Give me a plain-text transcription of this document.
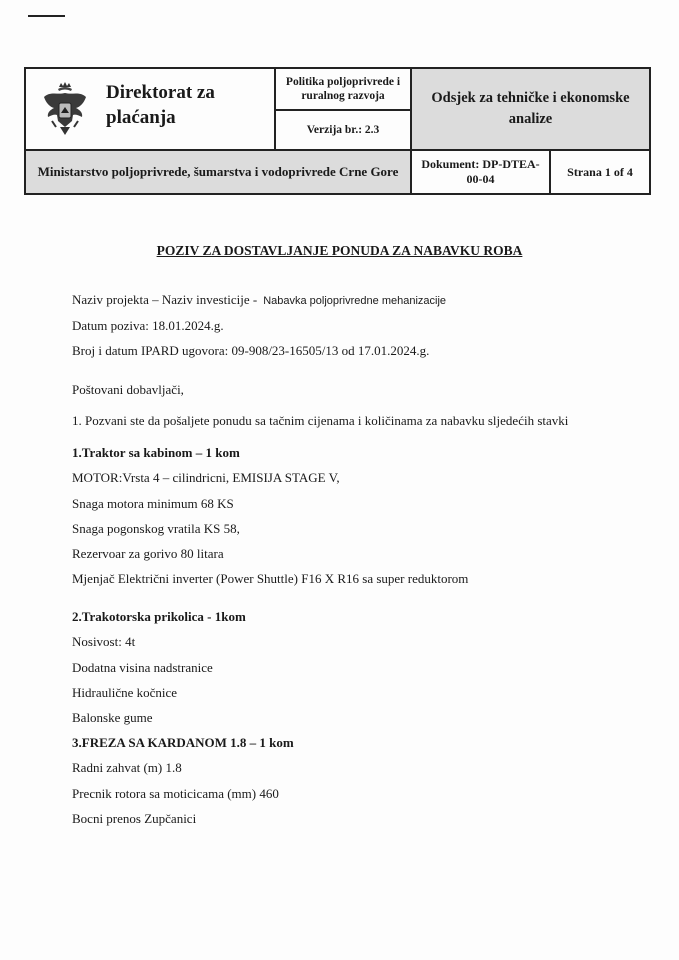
Direktorat za
plaćanja
Politika poljoprivrede i ruralnog razvoja
Verzija br.: 2.3
Odsjek za tehničke i ekonomske analize
Ministarstvo poljoprivrede, šumarstva i vodoprivrede Crne Gore	Dokument: DP-DTEA-00-04
Strana 1 of 4
POZIV ZA DOSTAVLJANJE PONUDA ZA NABAVKU ROBA
Naziv projekta – Naziv investicije - Nabavka poljoprivredne mehanizacije
Datum poziva: 18.01.2024.g.
Broj i datum IPARD ugovora: 09-908/23-16505/13 od 17.01.2024.g.
Poštovani dobavljači,
1. Pozvani ste da pošaljete ponudu sa tačnim cijenama i količinama za nabavku sljedećih stavki
1.Traktor sa kabinom – 1 kom
MOTOR:Vrsta 4 – cilindricni, EMISIJA STAGE V,
Snaga motora minimum 68 KS
Snaga pogonskog vratila KS 58,
Rezervoar za gorivo 80 litara
Mjenjač Električni inverter (Power Shuttle) F16 X R16 sa super reduktorom
2.Trakotorska prikolica - 1kom
Nosivost: 4t
Dodatna visina nadstranice
Hidraulične kočnice
Balonske gume
3.FREZA SA KARDANOM 1.8 – 1 kom
Radni zahvat (m) 1.8
Precnik rotora sa moticicama (mm) 460
Bocni prenos Zupčanici
